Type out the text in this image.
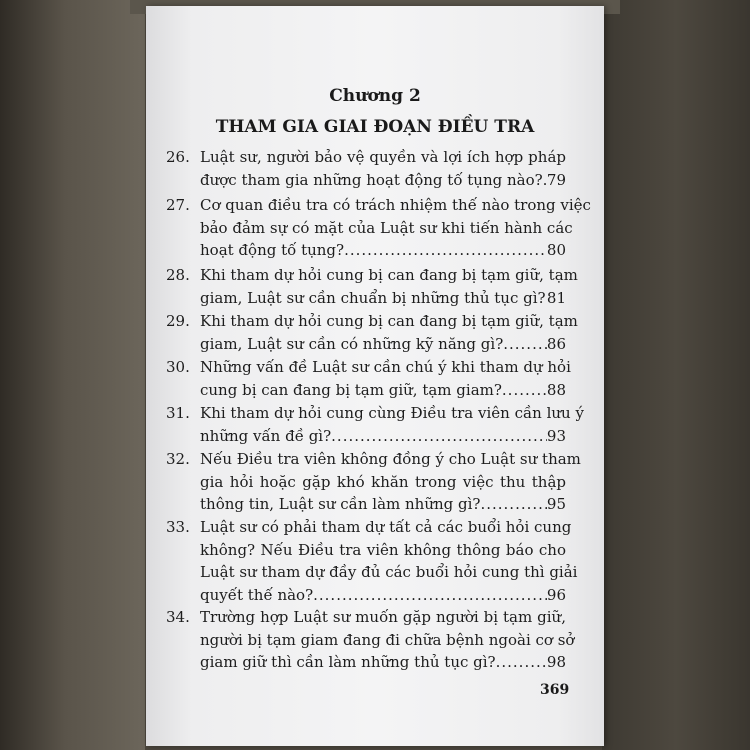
Chương 2
THAM GIA GIAI ĐOẠN ĐIỀU TRA
26. Luật sư, người bảo vệ quyền và lợi ích hợp pháp
được tham gia những hoạt động tố tụng nào? ..... 79
27. Cơ quan điều tra có trách nhiệm thế nào trong việc
bảo đảm sự có mặt của Luật sư khi tiến hành các
hoạt động tố tụng? .....	80
28. Khi tham dự hỏi cung bị can đang bị tạm giữ, tạm
giam, Luật sư cần chuẩn bị những thủ tục gì? ..... 81
29. Khi tham dự hỏi cung bị can đang bị tạm giữ, tạm
giam, Luật sư cần có những kỹ năng gì? .....	86
30. Những vấn đề Luật sư cần chú ý khi tham dự hỏi
cung bị can đang bị tạm giữ, tạm giam? .....	88
31. Khi tham dự hỏi cung cùng Điều tra viên cần lưu ý
những vấn đề gì? .....	93
32. Nếu Điều tra viên không đồng ý cho Luật sư tham
gia hỏi hoặc gặp khó khăn trong việc thu thập
thông tin, Luật sư cần làm những gì? .....	95
33. Luật sư có phải tham dự tất cả các buổi hỏi cung
không? Nếu Điều tra viên không thông báo cho
Luật sư tham dự đầy đủ các buổi hỏi cung thì giải
quyết thế nào? .....	96
34. Trường hợp Luật sư muốn gặp người bị tạm giữ,
người bị tạm giam đang đi chữa bệnh ngoài cơ sở
giam giữ thì cần làm những thủ tục gì? .....	98
369
